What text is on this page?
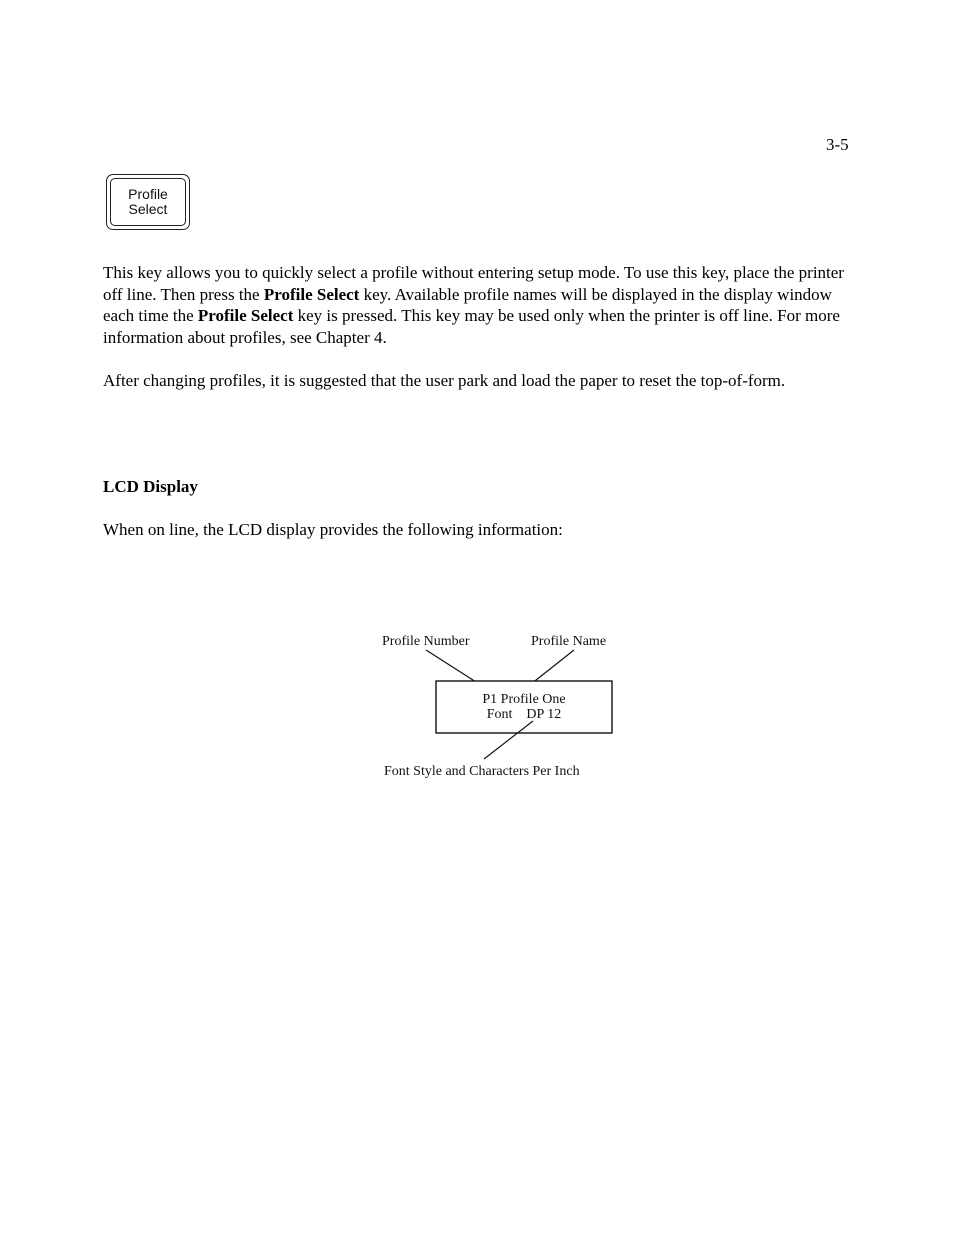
3-5
Profile
Select
This key allows you to quickly select a profile without entering setup mode. To use this key, place the printer off line. Then press the Profile Select key. Available profile names will be displayed in the display window each time the Profile Select key is pressed. This key may be used only when the printer is off line. For more information about profiles, see Chapter 4.
After changing profiles, it is suggested that the user park and load the paper to reset the top-of-form.
LCD Display
When on line, the LCD display provides the following information:
Profile Number	Profile Name
P1 Profile One
Font    DP 12
Font Style and Characters Per Inch
